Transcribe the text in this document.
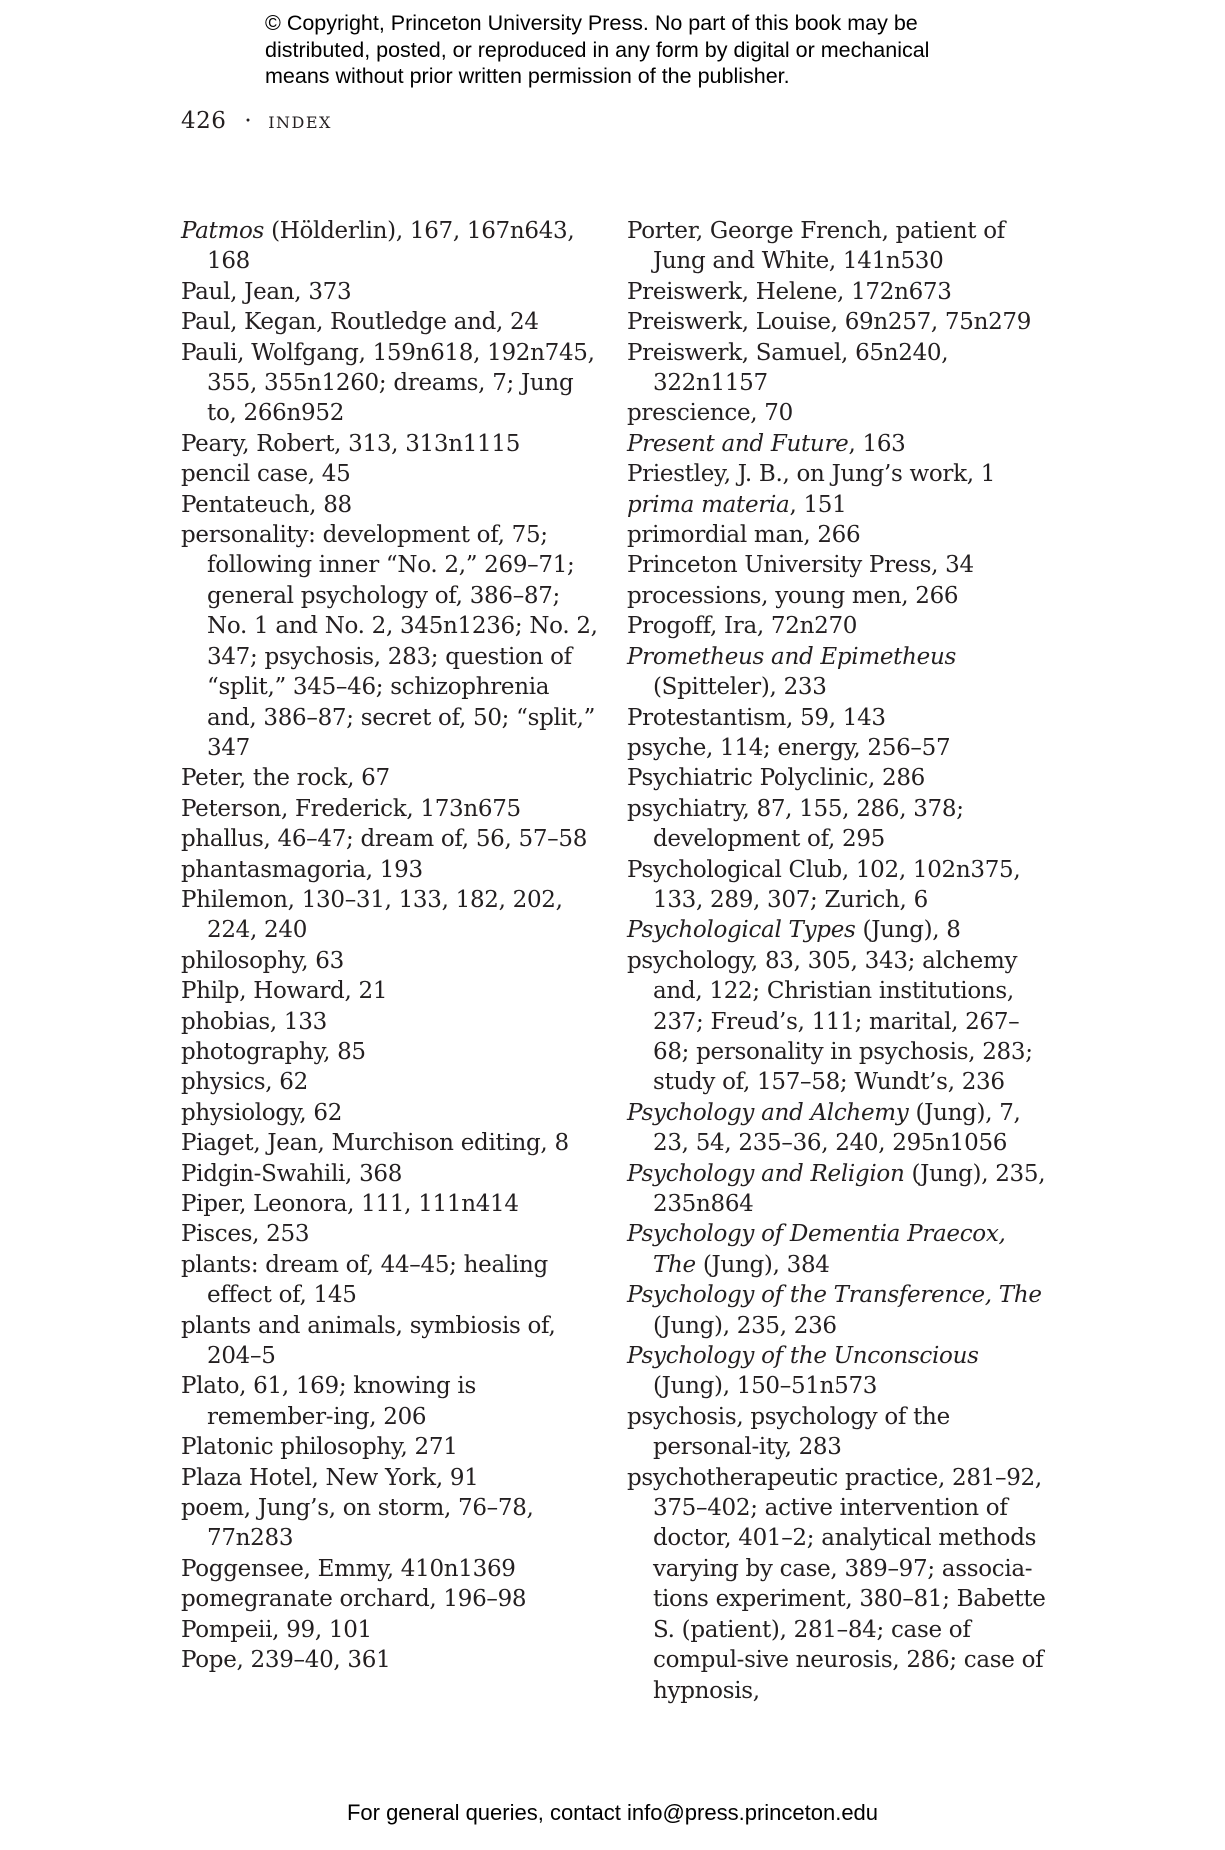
© Copyright, Princeton University Press. No part of this book may be
distributed, posted, or reproduced in any form by digital or mechanical
means without prior written permission of the publisher.
426 · index
Patmos (Hölderlin), 167, 167n643, 168
Paul, Jean, 373
Paul, Kegan, Routledge and, 24
Pauli, Wolfgang, 159n618, 192n745, 355, 355n1260; dreams, 7; Jung to, 266n952
Peary, Robert, 313, 313n1115
pencil case, 45
Pentateuch, 88
personality: development of, 75; following inner “No. 2,” 269–71; general psychology of, 386–87; No. 1 and No. 2, 345n1236; No. 2, 347; psychosis, 283; question of “split,” 345–46; schizophrenia and, 386–87; secret of, 50; “split,” 347
Peter, the rock, 67
Peterson, Frederick, 173n675
phallus, 46–47; dream of, 56, 57–58
phantasmagoria, 193
Philemon, 130–31, 133, 182, 202, 224, 240
philosophy, 63
Philp, Howard, 21
phobias, 133
photography, 85
physics, 62
physiology, 62
Piaget, Jean, Murchison editing, 8
Pidgin-Swahili, 368
Piper, Leonora, 111, 111n414
Pisces, 253
plants: dream of, 44–45; healing effect of, 145
plants and animals, symbiosis of, 204–5
Plato, 61, 169; knowing is remember-ing, 206
Platonic philosophy, 271
Plaza Hotel, New York, 91
poem, Jung’s, on storm, 76–78, 77n283
Poggensee, Emmy, 410n1369
pomegranate orchard, 196–98
Pompeii, 99, 101
Pope, 239–40, 361
Porter, George French, patient of Jung and White, 141n530
Preiswerk, Helene, 172n673
Preiswerk, Louise, 69n257, 75n279
Preiswerk, Samuel, 65n240, 322n1157
prescience, 70
Present and Future, 163
Priestley, J. B., on Jung’s work, 1
prima materia, 151
primordial man, 266
Princeton University Press, 34
processions, young men, 266
Progoff, Ira, 72n270
Prometheus and Epimetheus (Spitteler), 233
Protestantism, 59, 143
psyche, 114; energy, 256–57
Psychiatric Polyclinic, 286
psychiatry, 87, 155, 286, 378; development of, 295
Psychological Club, 102, 102n375, 133, 289, 307; Zurich, 6
Psychological Types (Jung), 8
psychology, 83, 305, 343; alchemy and, 122; Christian institutions, 237; Freud’s, 111; marital, 267–68; personality in psychosis, 283; study of, 157–58; Wundt’s, 236
Psychology and Alchemy (Jung), 7, 23, 54, 235–36, 240, 295n1056
Psychology and Religion (Jung), 235, 235n864
Psychology of Dementia Praecox, The (Jung), 384
Psychology of the Transference, The (Jung), 235, 236
Psychology of the Unconscious (Jung), 150–51n573
psychosis, psychology of the personal-ity, 283
psychotherapeutic practice, 281–92, 375–402; active intervention of doctor, 401–2; analytical methods varying by case, 389–97; associa-tions experiment, 380–81; Babette S. (patient), 281–84; case of compul-sive neurosis, 286; case of hypnosis,
For general queries, contact info@press.princeton.edu
